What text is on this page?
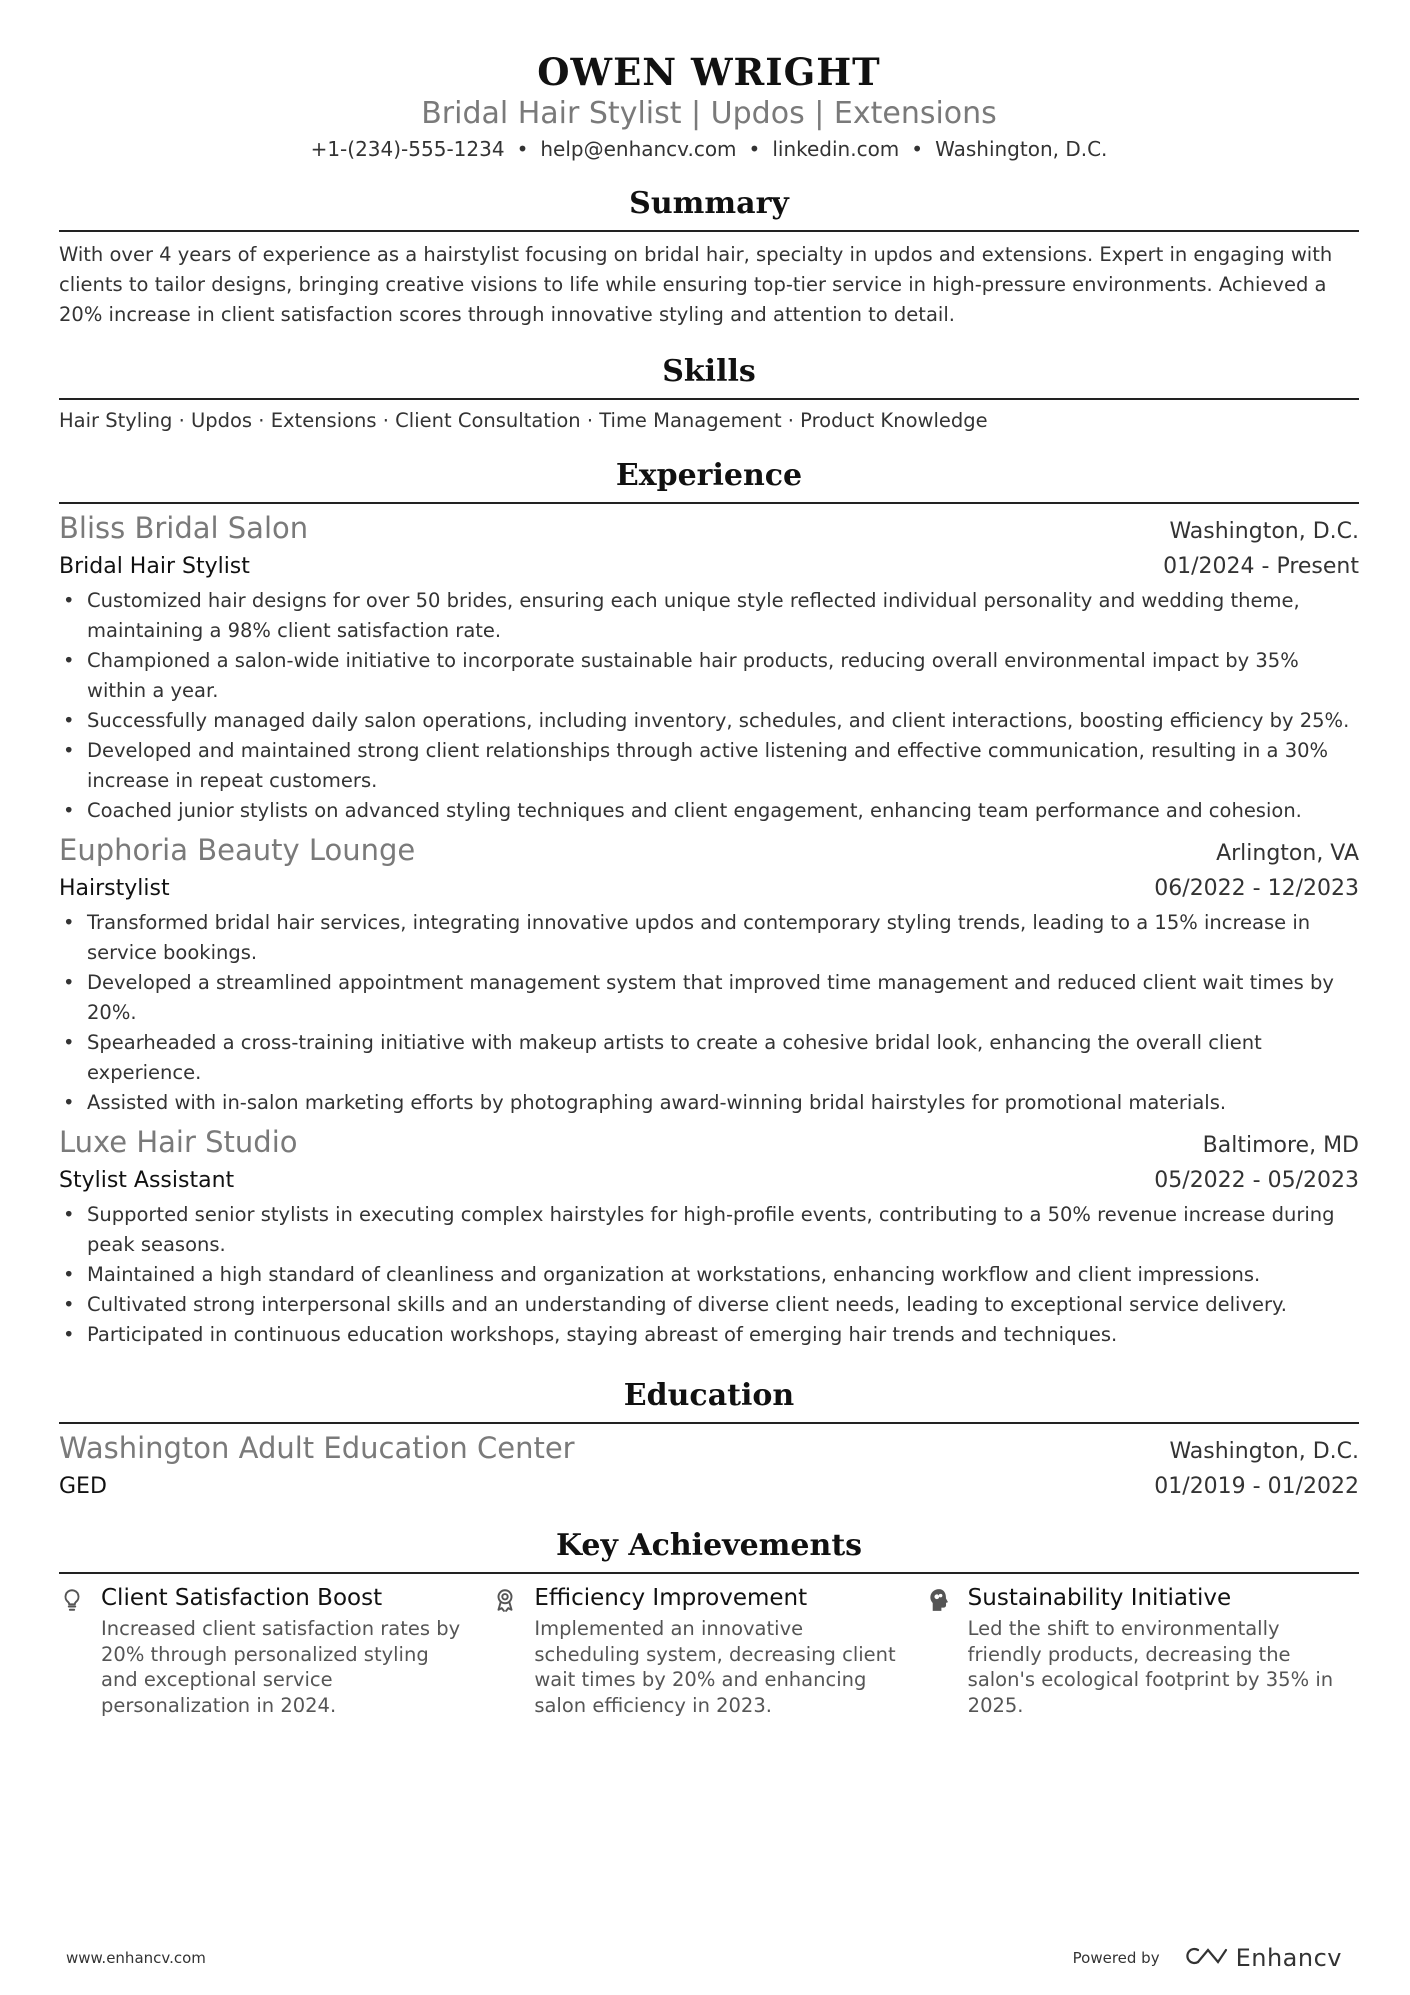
OWEN WRIGHT
Bridal Hair Stylist | Updos | Extensions
+1-(234)-555-1234 • help@enhancv.com • linkedin.com • Washington, D.C.
Summary
With over 4 years of experience as a hairstylist focusing on bridal hair, specialty in updos and extensions. Expert in engaging with clients to tailor designs, bringing creative visions to life while ensuring top-tier service in high-pressure environments. Achieved a 20% increase in client satisfaction scores through innovative styling and attention to detail.
Skills
Hair Styling · Updos · Extensions · Client Consultation · Time Management · Product Knowledge
Experience
Bliss Bridal Salon	Washington, D.C.
Bridal Hair Stylist	01/2024 - Present
• Customized hair designs for over 50 brides, ensuring each unique style reflected individual personality and wedding theme, maintaining a 98% client satisfaction rate.
• Championed a salon-wide initiative to incorporate sustainable hair products, reducing overall environmental impact by 35% within a year.
• Successfully managed daily salon operations, including inventory, schedules, and client interactions, boosting efficiency by 25%.
• Developed and maintained strong client relationships through active listening and effective communication, resulting in a 30% increase in repeat customers.
• Coached junior stylists on advanced styling techniques and client engagement, enhancing team performance and cohesion.
Euphoria Beauty Lounge	Arlington, VA
Hairstylist	06/2022 - 12/2023
• Transformed bridal hair services, integrating innovative updos and contemporary styling trends, leading to a 15% increase in service bookings.
• Developed a streamlined appointment management system that improved time management and reduced client wait times by 20%.
• Spearheaded a cross-training initiative with makeup artists to create a cohesive bridal look, enhancing the overall client experience.
• Assisted with in-salon marketing efforts by photographing award-winning bridal hairstyles for promotional materials.
Luxe Hair Studio	Baltimore, MD
Stylist Assistant	05/2022 - 05/2023
• Supported senior stylists in executing complex hairstyles for high-profile events, contributing to a 50% revenue increase during peak seasons.
• Maintained a high standard of cleanliness and organization at workstations, enhancing workflow and client impressions.
• Cultivated strong interpersonal skills and an understanding of diverse client needs, leading to exceptional service delivery.
• Participated in continuous education workshops, staying abreast of emerging hair trends and techniques.
Education
Washington Adult Education Center	Washington, D.C.
GED	01/2019 - 01/2022
Key Achievements
Client Satisfaction Boost
Increased client satisfaction rates by 20% through personalized styling and exceptional service personalization in 2024.
Efficiency Improvement
Implemented an innovative scheduling system, decreasing client wait times by 20% and enhancing salon efficiency in 2023.
Sustainability Initiative
Led the shift to environmentally friendly products, decreasing the salon's ecological footprint by 35% in 2025.
www.enhancv.com	Powered by	Enhancv
